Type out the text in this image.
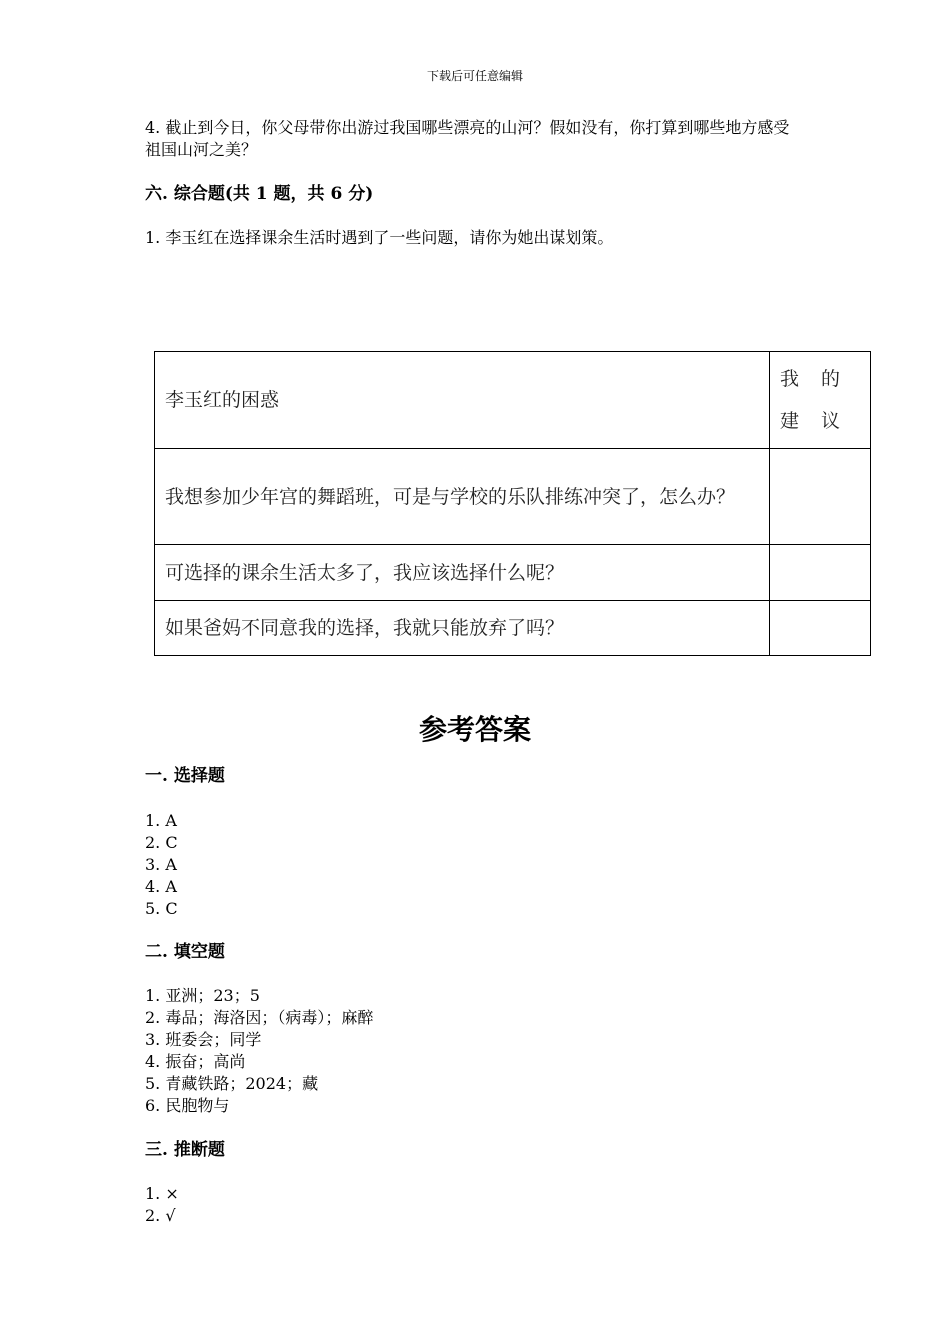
下载后可任意编辑
4. 截止到今日，你父母带你出游过我国哪些漂亮的山河？假如没有，你打算到哪些地方感受祖国山河之美？
六. 综合题(共 1 题，共 6 分)
1. 李玉红在选择课余生活时遇到了一些问题，请你为她出谋划策。
李玉红的困惑	我 的 建 议
我想参加少年宫的舞蹈班，可是与学校的乐队排练冲突了，怎么办？	
可选择的课余生活太多了，我应该选择什么呢？	
如果爸妈不同意我的选择，我就只能放弃了吗？	
参考答案
一. 选择题
1. A
2. C
3. A
4. A
5. C
二. 填空题
1. 亚洲；23；5
2. 毒品；海洛因；（病毒）；麻醉
3. 班委会；同学
4. 振奋；高尚
5. 青藏铁路；2024；藏
6. 民胞物与
三. 推断题
1. ×
2. √
